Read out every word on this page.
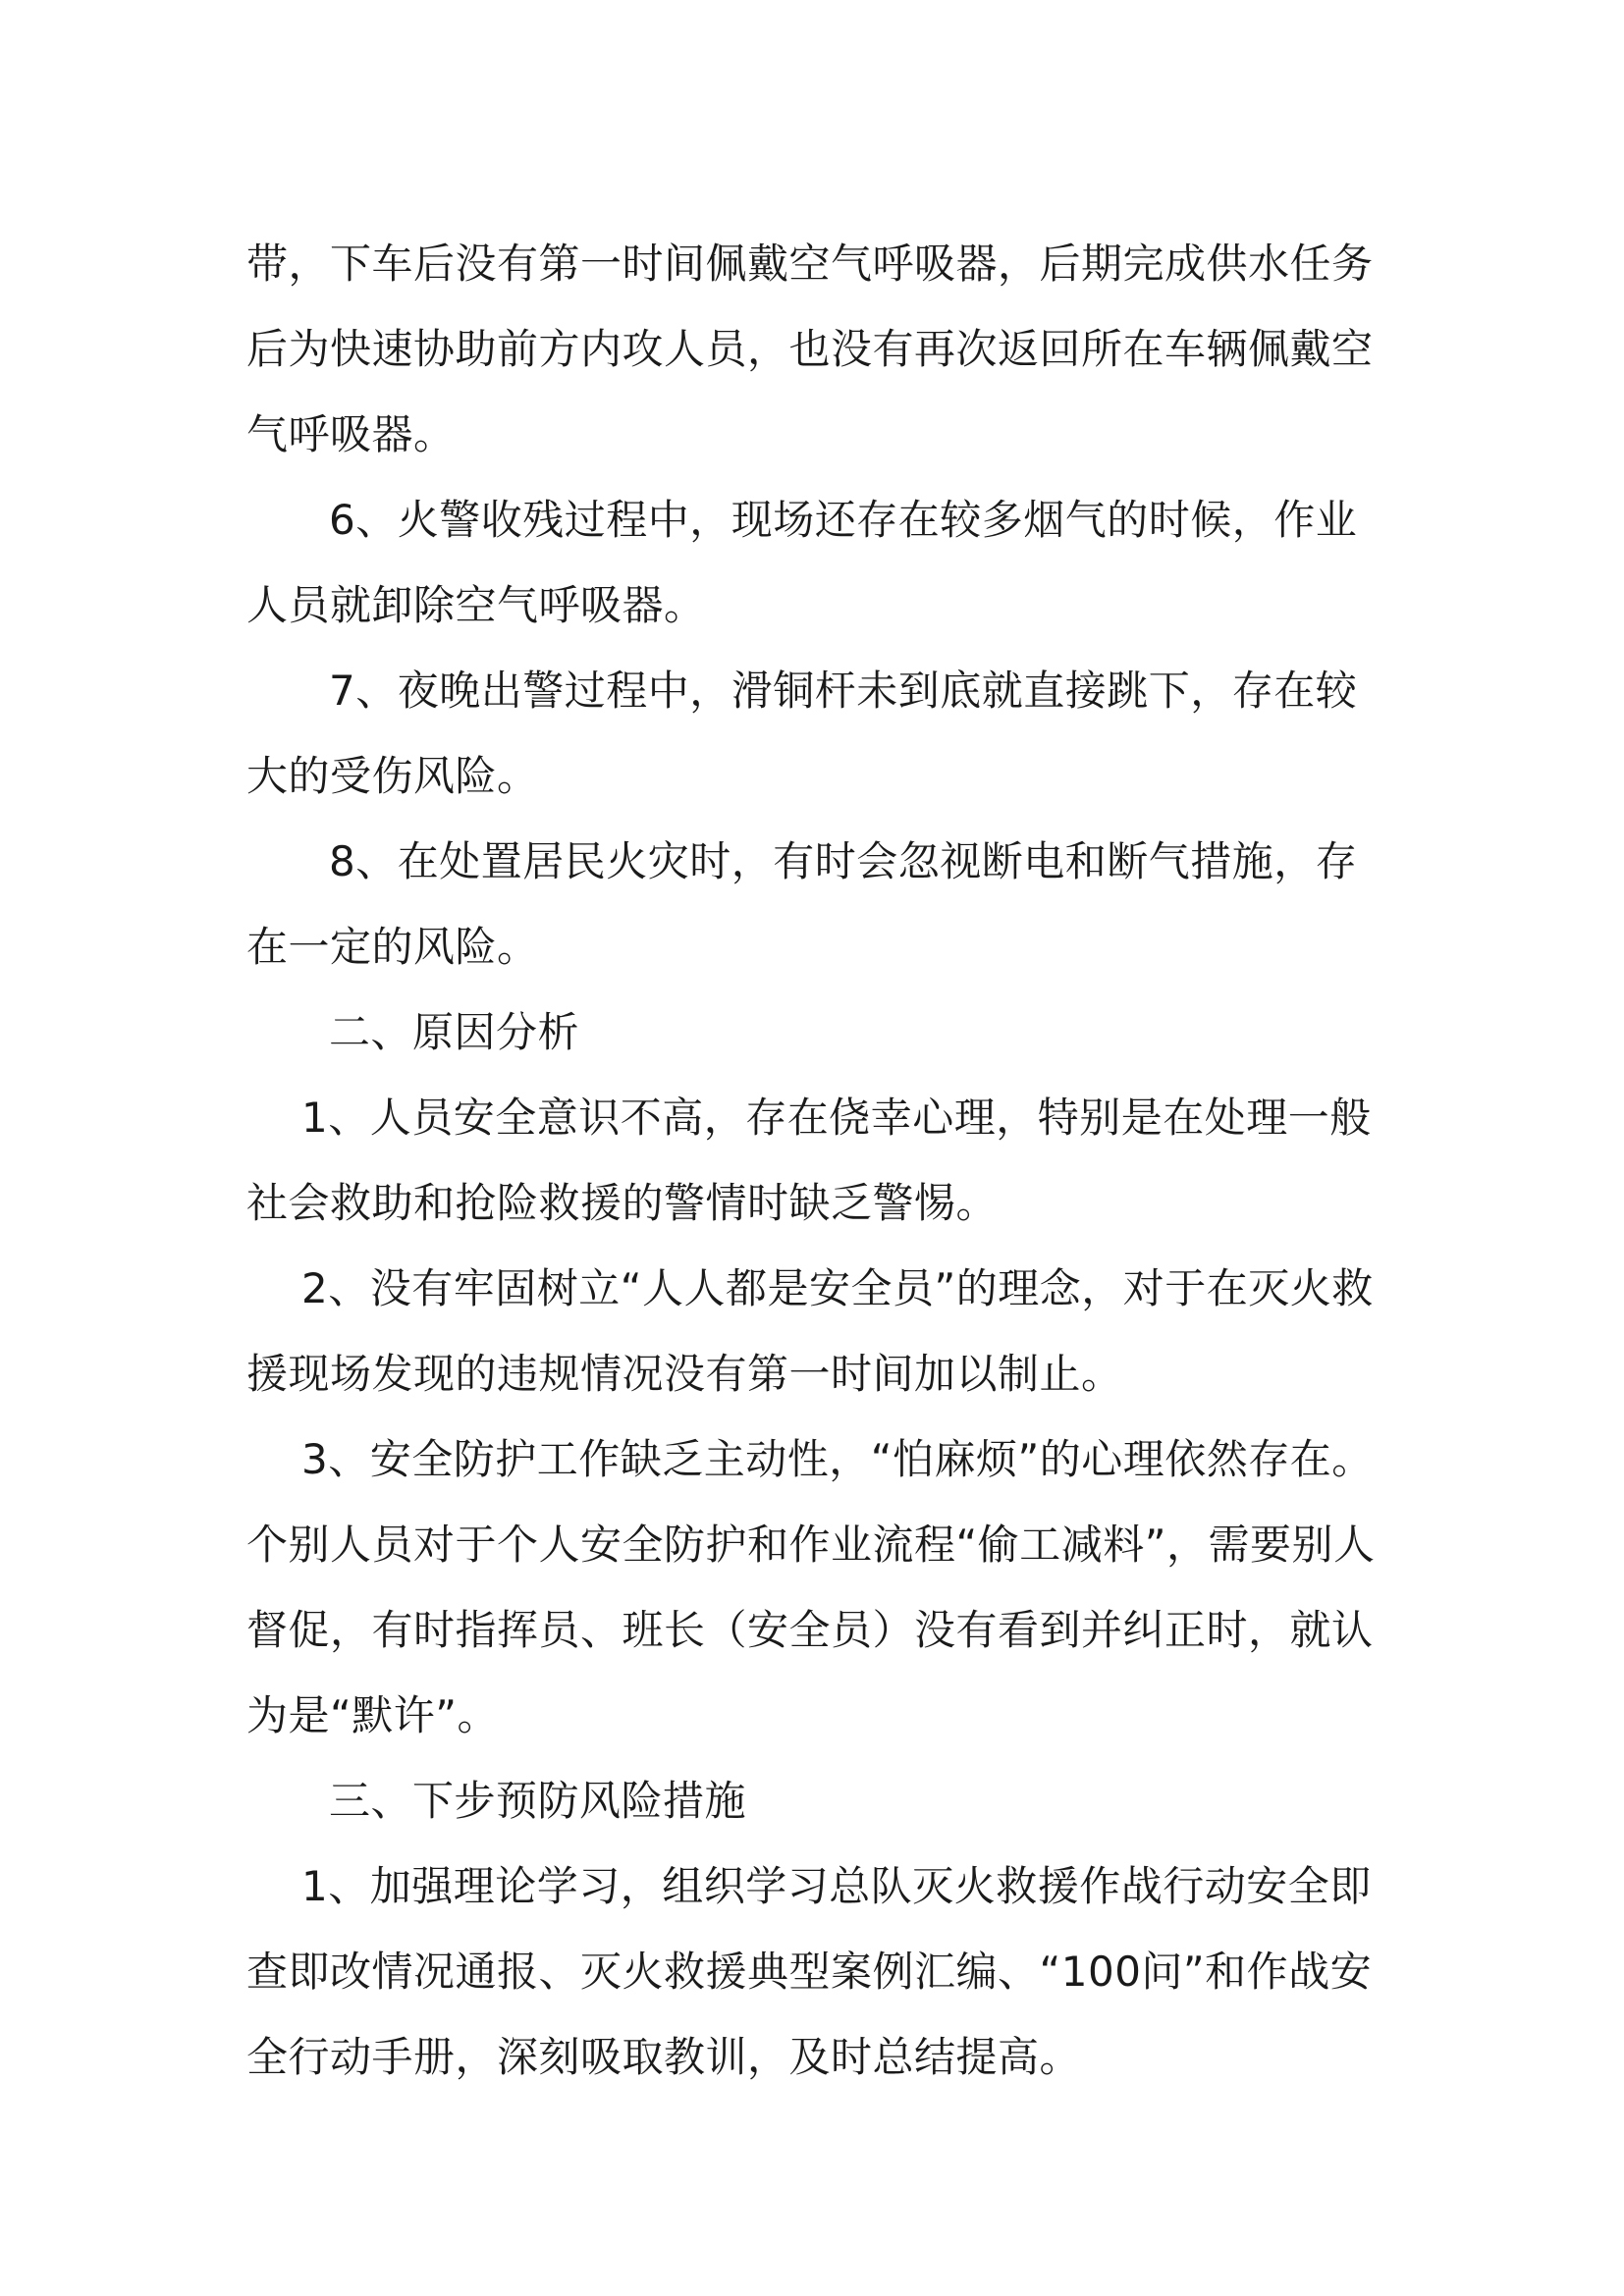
带，下车后没有第一时间佩戴空气呼吸器，后期完成供水任务后为快速协助前方内攻人员，也没有再次返回所在车辆佩戴空气呼吸器。

6、火警收残过程中，现场还存在较多烟气的时候，作业人员就卸除空气呼吸器。

7、夜晚出警过程中，滑铜杆未到底就直接跳下，存在较大的受伤风险。

8、在处置居民火灾时，有时会忽视断电和断气措施，存在一定的风险。

二、原因分析

1、人员安全意识不高，存在侥幸心理，特别是在处理一般社会救助和抢险救援的警情时缺乏警惕。

2、没有牢固树立“人人都是安全员”的理念，对于在灭火救援现场发现的违规情况没有第一时间加以制止。

3、安全防护工作缺乏主动性，“怕麻烦”的心理依然存在。个别人员对于个人安全防护和作业流程“偷工减料”，需要别人督促，有时指挥员、班长（安全员）没有看到并纠正时，就认为是“默许”。

三、下步预防风险措施

1、加强理论学习，组织学习总队灭火救援作战行动安全即查即改情况通报、灭火救援典型案例汇编、“100问”和作战安全行动手册，深刻吸取教训，及时总结提高。
